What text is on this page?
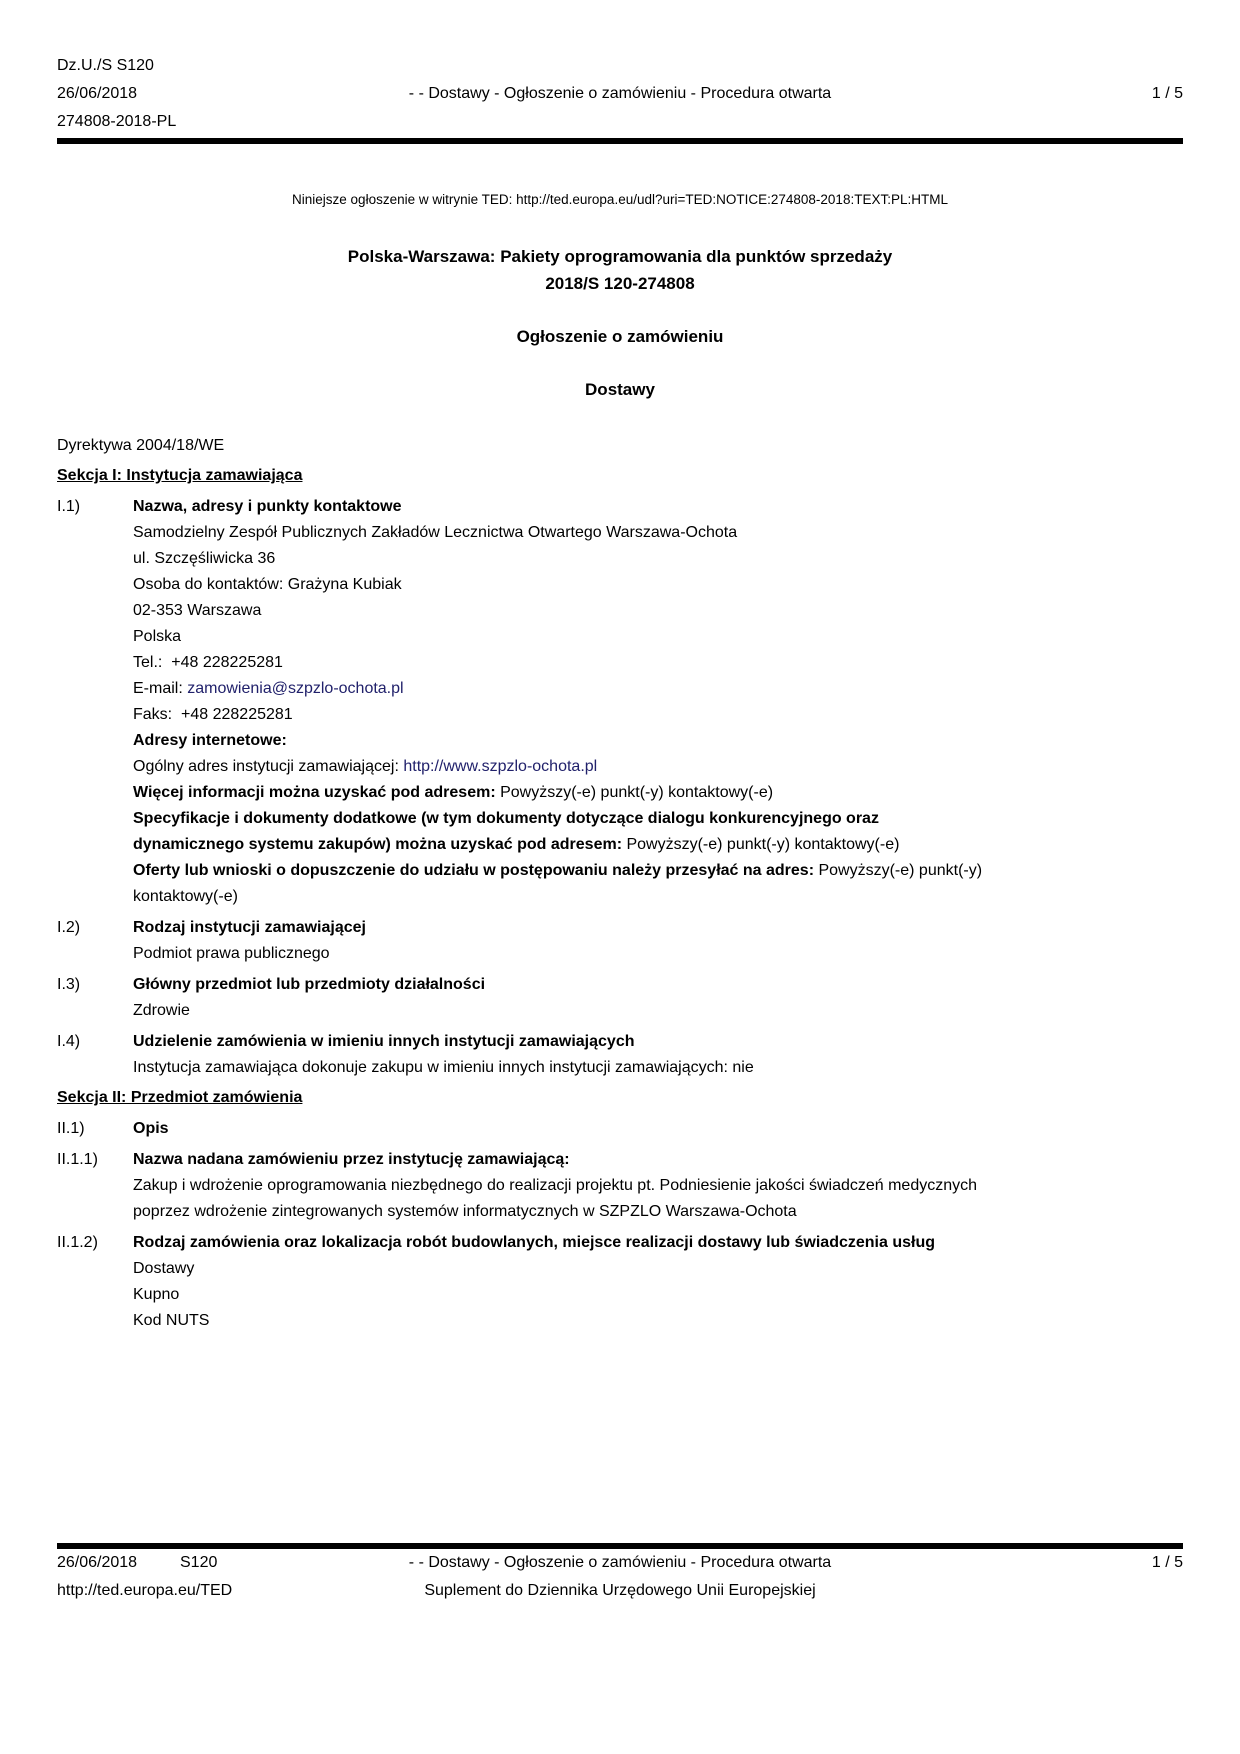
Dz.U./S S120
26/06/2018
274808-2018-PL
- - Dostawy - Ogłoszenie o zamówieniu - Procedura otwarta	1 / 5
Niniejsze ogłoszenie w witrynie TED: http://ted.europa.eu/udl?uri=TED:NOTICE:274808-2018:TEXT:PL:HTML
Polska-Warszawa: Pakiety oprogramowania dla punktów sprzedaży
2018/S 120-274808
Ogłoszenie o zamówieniu
Dostawy
Dyrektywa 2004/18/WE
Sekcja I: Instytucja zamawiająca
I.1)	Nazwa, adresy i punkty kontaktowe
Samodzielny Zespół Publicznych Zakładów Lecznictwa Otwartego Warszawa-Ochota
ul. Szczęśliwicka 36
Osoba do kontaktów: Grażyna Kubiak
02-353 Warszawa
Polska
Tel.:  +48 228225281
E-mail: zamowienia@szpzlo-ochota.pl
Faks:  +48 228225281
Adresy internetowe:
Ogólny adres instytucji zamawiającej: http://www.szpzlo-ochota.pl
Więcej informacji można uzyskać pod adresem: Powyższy(-e) punkt(-y) kontaktowy(-e)
Specyfikacje i dokumenty dodatkowe (w tym dokumenty dotyczące dialogu konkurencyjnego oraz dynamicznego systemu zakupów) można uzyskać pod adresem: Powyższy(-e) punkt(-y) kontaktowy(-e)
Oferty lub wnioski o dopuszczenie do udziału w postępowaniu należy przesyłać na adres: Powyższy(-e) punkt(-y) kontaktowy(-e)
I.2)	Rodzaj instytucji zamawiającej
Podmiot prawa publicznego
I.3)	Główny przedmiot lub przedmioty działalności
Zdrowie
I.4)	Udzielenie zamówienia w imieniu innych instytucji zamawiających
Instytucja zamawiająca dokonuje zakupu w imieniu innych instytucji zamawiających: nie
Sekcja II: Przedmiot zamówienia
II.1)	Opis
II.1.1)	Nazwa nadana zamówieniu przez instytucję zamawiającą:
Zakup i wdrożenie oprogramowania niezbędnego do realizacji projektu pt. Podniesienie jakości świadczeń medycznych poprzez wdrożenie zintegrowanych systemów informatycznych w SZPZLO Warszawa-Ochota
II.1.2)	Rodzaj zamówienia oraz lokalizacja robót budowlanych, miejsce realizacji dostawy lub świadczenia usług
Dostawy
Kupno
Kod NUTS
26/06/2018	S120	- - Dostawy - Ogłoszenie o zamówieniu - Procedura otwarta	1 / 5
http://ted.europa.eu/TED	Suplement do Dziennika Urzędowego Unii Europejskiej
